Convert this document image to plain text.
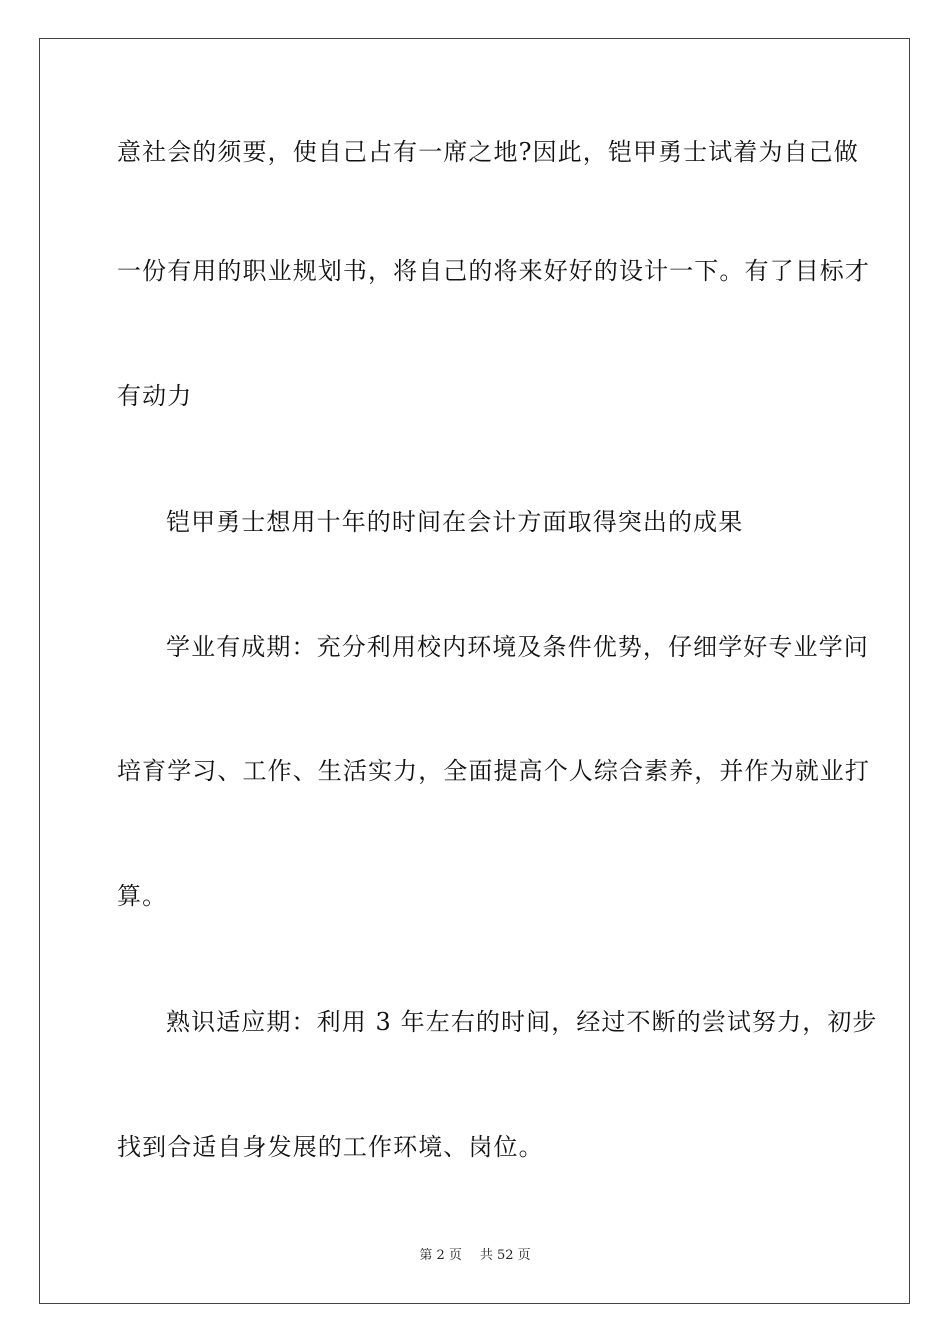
意社会的须要，使自己占有一席之地?因此，铠甲勇士试着为自己做
一份有用的职业规划书，将自己的将来好好的设计一下。有了目标才
有动力
铠甲勇士想用十年的时间在会计方面取得突出的成果
学业有成期：充分利用校内环境及条件优势，仔细学好专业学问
培育学习、工作、生活实力，全面提高个人综合素养，并作为就业打
算。
熟识适应期：利用 3 年左右的时间，经过不断的尝试努力，初步
找到合适自身发展的工作环境、岗位。
第 2 页 共 52 页
